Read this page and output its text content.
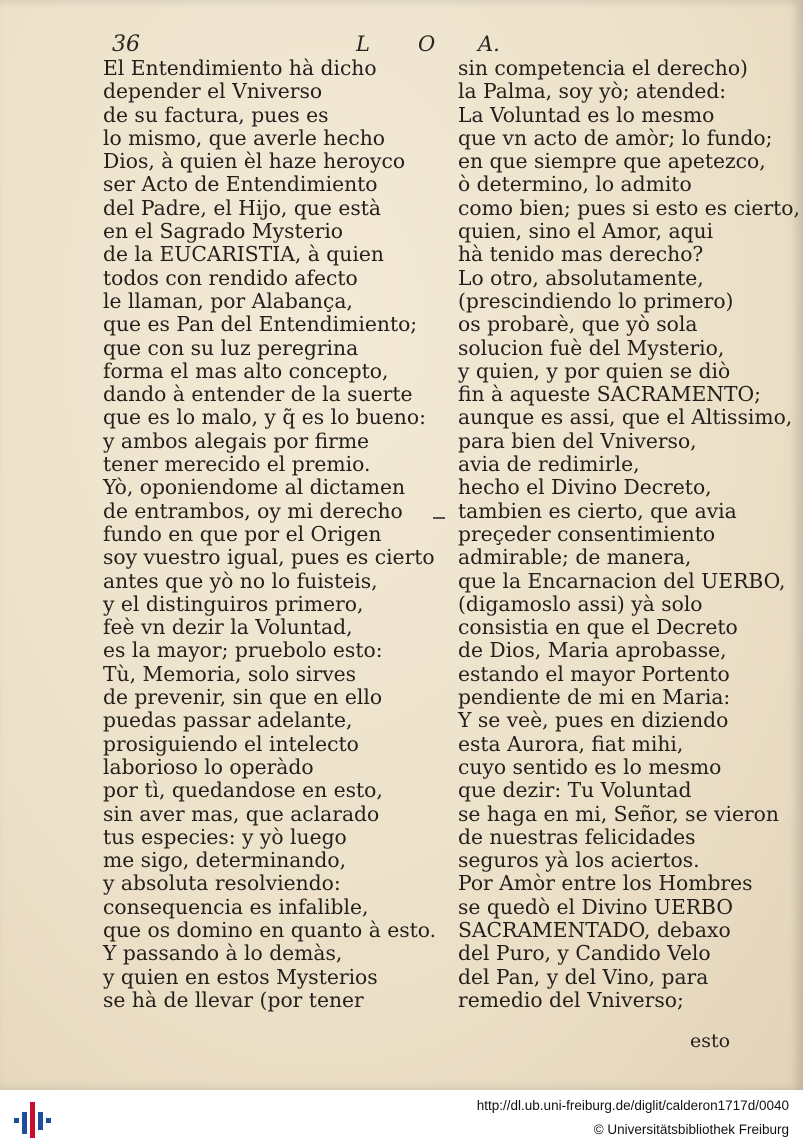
36	L O A.
El Entendimiento hà dicho
depender el Vniverso
de su factura, pues es
lo mismo, que averle hecho
Dios, à quien èl haze heroyco
ser Acto de Entendimiento
del Padre, el Hijo, que està
en el Sagrado Mysterio
de la EUCARISTIA, à quien
todos con rendido afecto
le llaman, por Alabança,
que es Pan del Entendimiento;
que con su luz peregrina
forma el mas alto concepto,
dando à entender de la suerte
que es lo malo, y q̃ es lo bueno:
y ambos alegais por firme
tener merecido el premio.
Yò, oponiendome al dictamen
de entrambos, oy mi derecho
fundo en que por el Origen
soy vuestro igual, pues es cierto
antes que yò no lo fuisteis,
y el distinguiros primero,
feè vn dezir la Voluntad,
es la mayor; pruebolo esto:
Tù, Memoria, solo sirves
de prevenir, sin que en ello
puedas passar adelante,
prosiguiendo el intelecto
laborioso lo operàdo
por tì, quedandose en esto,
sin aver mas, que aclarado
tus especies: y yò luego
me sigo, determinando,
y absoluta resolviendo:
consequencia es infalible,
que os domino en quanto à esto.
Y passando à lo demàs,
y quien en estos Mysterios
se hà de llevar (por tener
sin competencia el derecho)
la Palma, soy yò; atended:
La Voluntad es lo mesmo
que vn acto de amòr; lo fundo;
en que siempre que apetezco,
ò determino, lo admito
como bien; pues si esto es cierto,
quien, sino el Amor, aqui
hà tenido mas derecho?
Lo otro, absolutamente,
(prescindiendo lo primero)
os probarè, que yò sola
solucion fuè del Mysterio,
y quien, y por quien se diò
fin à aqueste SACRAMENTO;
aunque es assi, que el Altissimo,
para bien del Vniverso,
avia de redimirle,
hecho el Divino Decreto,
tambien es cierto, que avia
preçeder consentimiento
admirable; de manera,
que la Encarnacion del UERBO,
(digamoslo assi) yà solo
consistia en que el Decreto
de Dios, Maria aprobasse,
estando el mayor Portento
pendiente de mi en Maria:
Y se veè, pues en diziendo
esta Aurora, fiat mihi,
cuyo sentido es lo mesmo
que dezir: Tu Voluntad
se haga en mi, Señor, se vieron
de nuestras felicidades
seguros yà los aciertos.
Por Amòr entre los Hombres
se quedò el Divino UERBO
SACRAMENTADO, debaxo
del Puro, y Candido Velo
del Pan, y del Vino, para
remedio del Vniverso;
esto
http://dl.ub.uni-freiburg.de/diglit/calderon1717d/0040
© Universitätsbibliothek Freiburg
